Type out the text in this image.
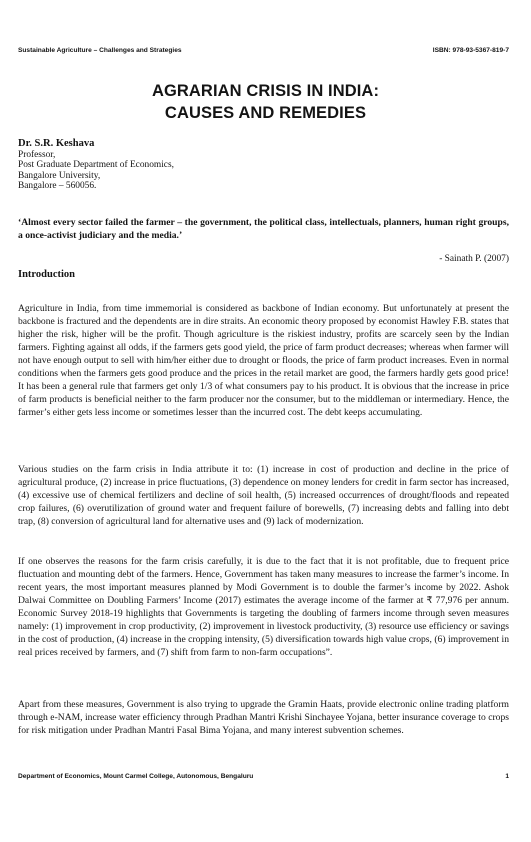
Sustainable Agriculture – Challenges and Strategies	ISBN: 978-93-5367-819-7
AGRARIAN CRISIS IN INDIA:
CAUSES AND REMEDIES
Dr. S.R. Keshava
Professor,
Post Graduate Department of Economics,
Bangalore University,
Bangalore – 560056.
‘Almost every sector failed the farmer – the government, the political class, intellectuals, planners, human right groups, a once-activist judiciary and the media.’
- Sainath P. (2007)
Introduction

Agriculture in India, from time immemorial is considered as backbone of Indian economy. But unfortunately at present the backbone is fractured and the dependents are in dire straits. An economic theory proposed by economist Hawley F.B. states that higher the risk, higher will be the profit. Though agriculture is the riskiest industry, profits are scarcely seen by the Indian farmers. Fighting against all odds, if the farmers gets good yield, the price of farm product decreases; whereas when farmer will not have enough output to sell with him/her either due to drought or floods, the price of farm product increases. Even in normal conditions when the farmers gets good produce and the prices in the retail market are good, the farmers hardly gets good price! It has been a general rule that farmers get only 1/3 of what consumers pay to his product. It is obvious that the increase in price of farm products is beneficial neither to the farm producer nor the consumer, but to the middleman or intermediary. Hence, the farmer’s either gets less income or sometimes lesser than the incurred cost. The debt keeps accumulating.

Various studies on the farm crisis in India attribute it to: (1) increase in cost of production and decline in the price of agricultural produce, (2) increase in price fluctuations, (3) dependence on money lenders for credit in farm sector has increased, (4) excessive use of chemical fertilizers and decline of soil health, (5) increased occurrences of drought/floods and repeated crop failures, (6) overutilization of ground water and frequent failure of borewells, (7) increasing debts and falling into debt trap, (8) conversion of agricultural land for alternative uses and (9) lack of modernization.

If one observes the reasons for the farm crisis carefully, it is due to the fact that it is not profitable, due to frequent price fluctuation and mounting debt of the farmers. Hence, Government has taken many measures to increase the farmer’s income. In recent years, the most important measures planned by Modi Government is to double the farmer’s income by 2022. Ashok Dalwai Committee on Doubling Farmers’ Income (2017) estimates the average income of the farmer at ₹ 77,976 per annum. Economic Survey 2018-19 highlights that Governments is targeting the doubling of farmers income through seven measures namely: (1) improvement in crop productivity, (2) improvement in livestock productivity, (3) resource use efficiency or savings in the cost of production, (4) increase in the cropping intensity, (5) diversification towards high value crops, (6) improvement in real prices received by farmers, and (7) shift from farm to non-farm occupations”.

Apart from these measures, Government is also trying to upgrade the Gramin Haats, provide electronic online trading platform through e-NAM, increase water efficiency through Pradhan Mantri Krishi Sinchayee Yojana, better insurance coverage to crops for risk mitigation under Pradhan Mantri Fasal Bima Yojana, and many interest subvention schemes.

Department of Economics, Mount Carmel College, Autonomous, Bengaluru	1
